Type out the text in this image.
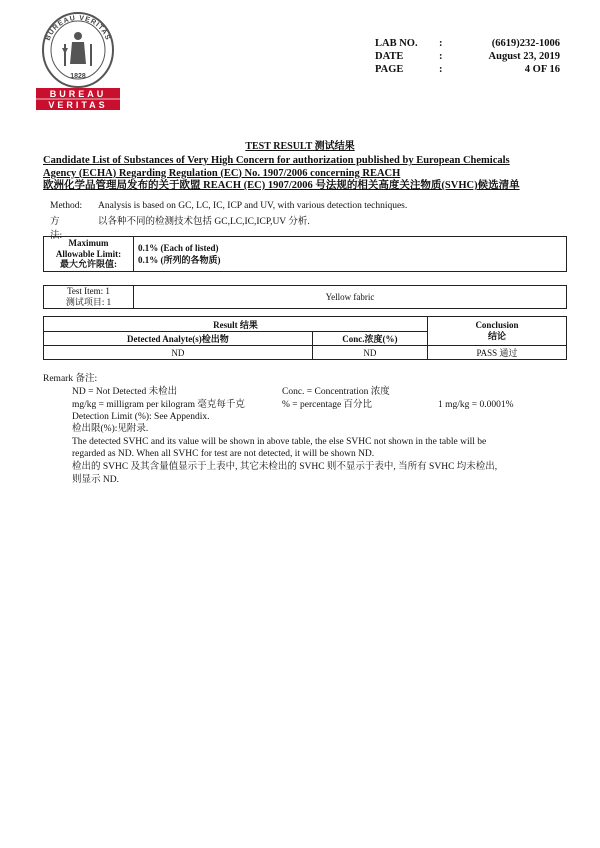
BUREAU VERITAS
1828
BUREAU
VERITAS
LAB NO. :	(6619)232-1006
DATE	:	August 23, 2019
PAGE	:	4 OF 16
TEST RESULT 测试结果
Candidate List of Substances of Very High Concern for authorization published by European Chemicals
Agency (ECHA) Regarding Regulation (EC) No. 1907/2006 concerning REACH
欧洲化学品管理局发布的关于欧盟 REACH (EC) 1907/2006 号法规的相关高度关注物质(SVHC)候选清单
Method: Analysis is based on GC, LC, IC, ICP and UV, with various detection techniques.
方法:
以各种不同的检测技术包括 GC,LC,IC,ICP,UV 分析.
Maximum
Allowable Limit:
最大允许限值:
0.1% (Each of listed)
0.1% (所列的各物质)
Test Item: 1
测试项目: 1	Yellow fabric
Result 结果		Conclusion
结论

Detected Analyte(s)检出物	Conc.浓度(%)	
ND	ND	PASS 通过
Remark 备注:
ND = Not Detected 未检出	Conc. = Concentration 浓度
mg/kg = milligram per kilogram 毫克每千克	% = percentage 百分比	1 mg/kg = 0.0001%
Detection Limit (%): See Appendix.
检出限(%):见附录.
The detected SVHC and its value will be shown in above table, the else SVHC not shown in the table will be
regarded as ND. When all SVHC for test are not detected, it will be shown ND.
检出的 SVHC 及其含量值显示于上表中, 其它未检出的 SVHC 则不显示于表中, 当所有 SVHC 均未检出,
则显示 ND.
